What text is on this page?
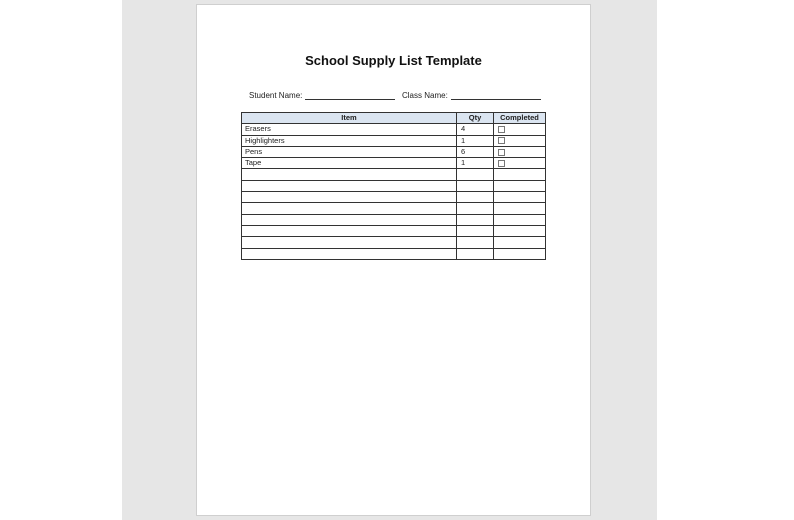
School Supply List Template
Student Name:	Class Name:
Item	Qty	Completed
Erasers	4	
Highlighters	1	
Pens	6	
Tape	1	
